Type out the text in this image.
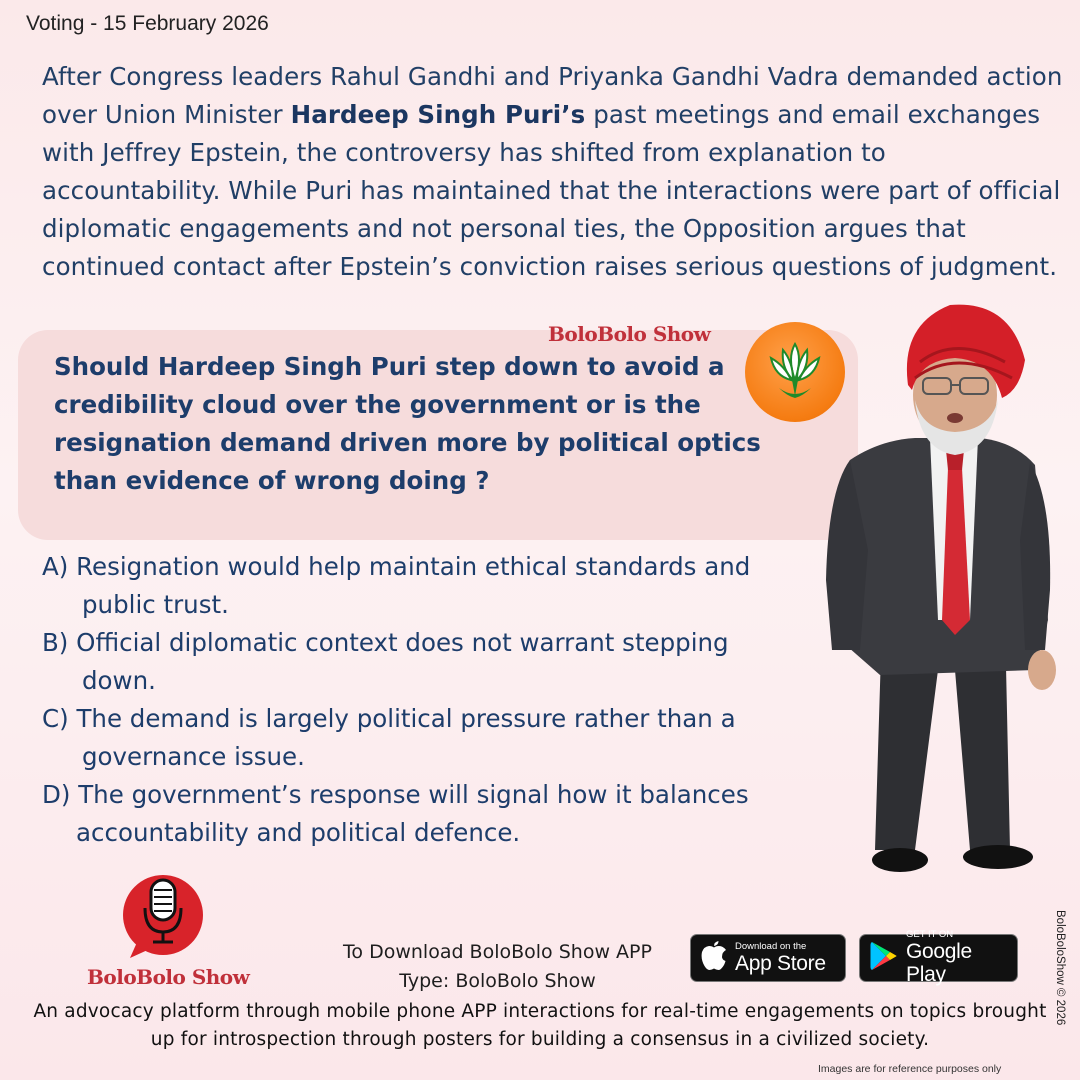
Voting - 15 February 2026
After Congress leaders Rahul Gandhi and Priyanka Gandhi Vadra demanded action over Union Minister Hardeep Singh Puri’s past meetings and email exchanges with Jeffrey Epstein, the controversy has shifted from explanation to accountability. While Puri has maintained that the interactions were part of official diplomatic engagements and not personal ties, the Opposition argues that continued contact after Epstein’s conviction raises serious questions of judgment.
BoloBolo Show
Should Hardeep Singh Puri step down to avoid a credibility cloud over the government or is the resignation demand driven more by political optics than evidence of wrong doing ?
A) Resignation would help maintain ethical standards and
public trust.
B) Official diplomatic context does not warrant stepping
down.
C) The demand is largely political pressure rather than a
governance issue.
D) The government’s response will signal how it balances
accountability and political defence.
BoloBolo Show
To Download BoloBolo Show APP
Type: BoloBolo Show
Download on the
App Store
GET IT ON
Google Play
An advocacy platform through mobile phone APP interactions for real-time engagements on topics brought up for introspection through posters for building a consensus in a civilized society.
BoloBoloShow © 2026
Images are for reference purposes only
